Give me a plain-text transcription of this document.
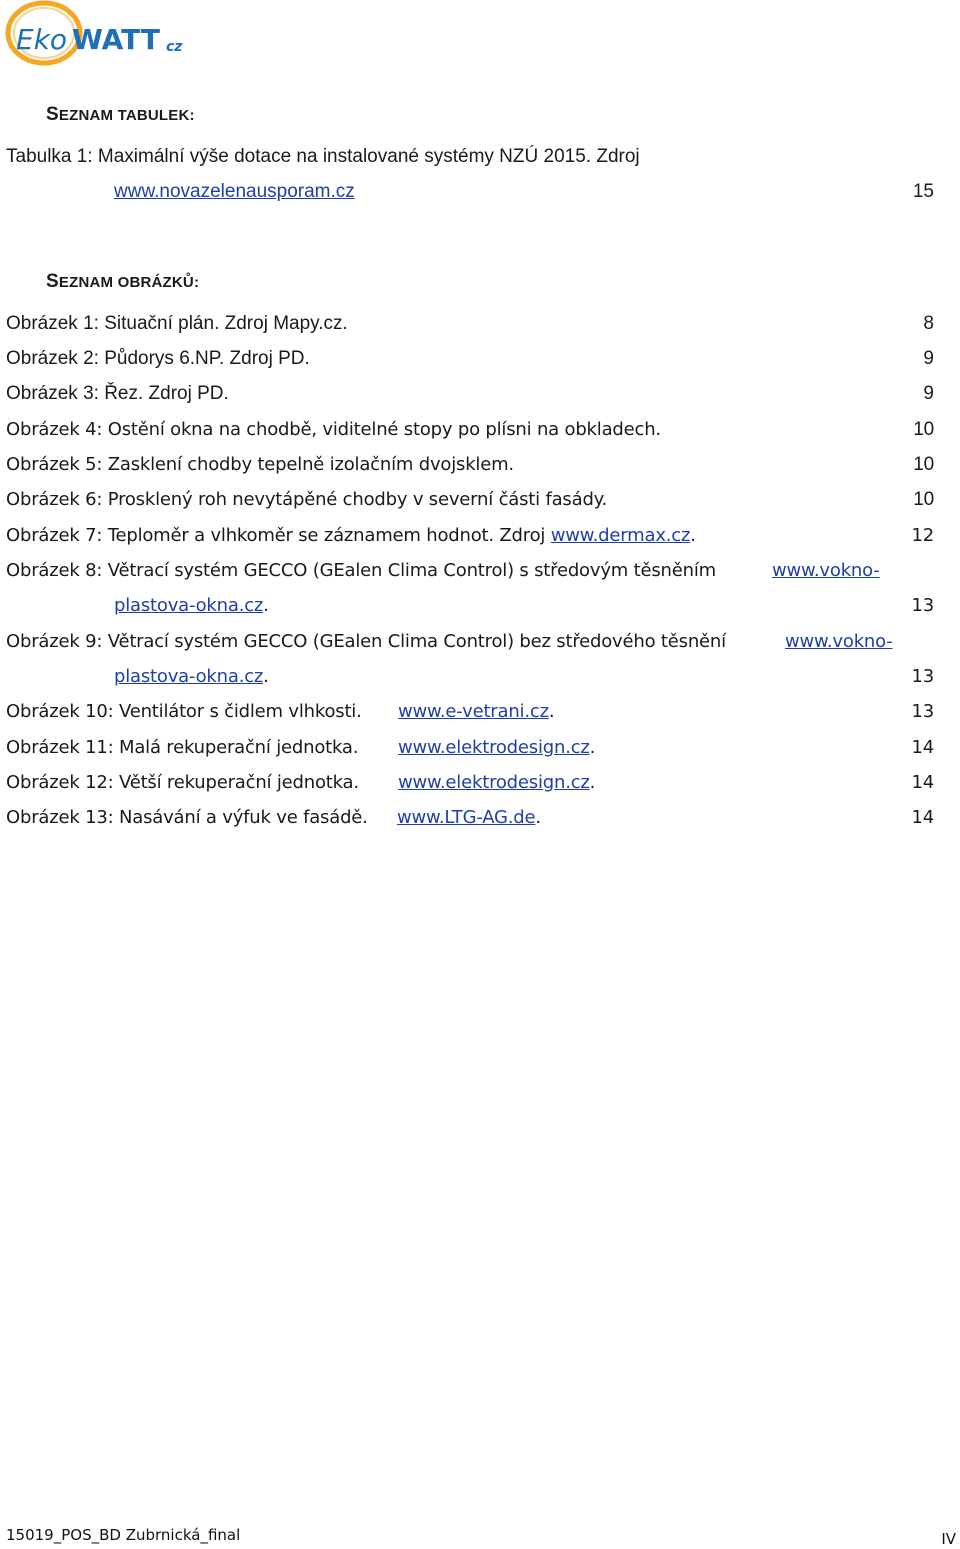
Eko WATT cz
SEZNAM TABULEK:
Tabulka 1: Maximální výše dotace na instalované systémy NZÚ 2015. Zdroj
www.novazelenausporam.cz	15
SEZNAM OBRÁZKŮ:
Obrázek 1: Situační plán. Zdroj Mapy.cz.	8
Obrázek 2: Půdorys 6.NP. Zdroj PD.	9
Obrázek 3: Řez. Zdroj PD.	9
Obrázek 4: Ostění okna na chodbě, viditelné stopy po plísni na obkladech.	10
Obrázek 5: Zasklení chodby tepelně izolačním dvojsklem.	10
Obrázek 6: Prosklený roh nevytápěné chodby v severní části fasády.	10
Obrázek 7: Teploměr a vlhkoměr se záznamem hodnot. Zdroj www.dermax.cz.	12
Obrázek 8: Větrací systém GECCO (GEalen Clima Control) s středovým těsněním	www.vokno-
plastova-okna.cz.	13
Obrázek 9: Větrací systém GECCO (GEalen Clima Control) bez středového těsnění	www.vokno-
plastova-okna.cz.	13
Obrázek 10: Ventilátor s čidlem vlhkosti. www.e-vetrani.cz.	13
Obrázek 11: Malá rekuperační jednotka. www.elektrodesign.cz.	14
Obrázek 12: Větší rekuperační jednotka. www.elektrodesign.cz.	14
Obrázek 13: Nasávání a výfuk ve fasádě. www.LTG-AG.de.	14
15019_POS_BD Zubrnická_final	IV
